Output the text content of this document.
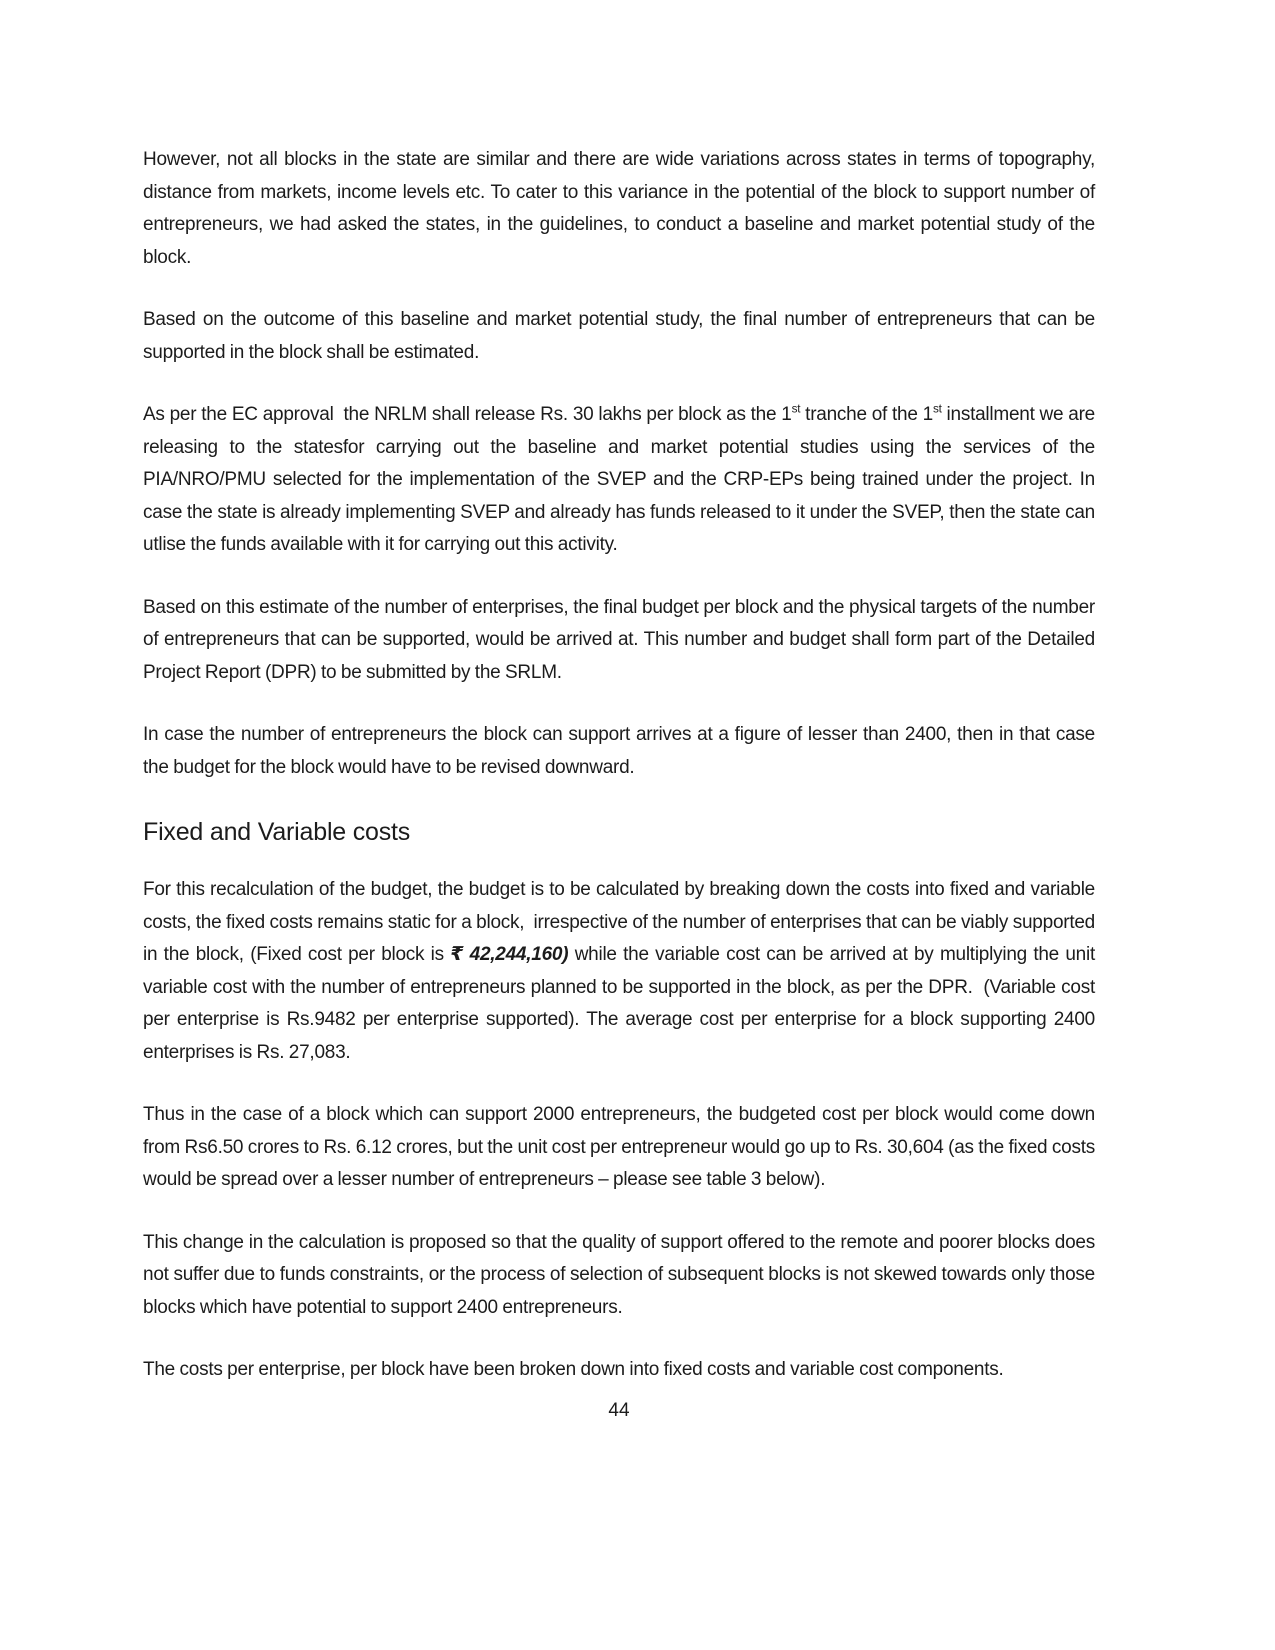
However, not all blocks in the state are similar and there are wide variations across states in terms of topography, distance from markets, income levels etc. To cater to this variance in the potential of the block to support number of entrepreneurs, we had asked the states, in the guidelines, to conduct a baseline and market potential study of the block.

Based on the outcome of this baseline and market potential study, the final number of entrepreneurs that can be supported in the block shall be estimated.

As per the EC approval  the NRLM shall release Rs. 30 lakhs per block as the 1st tranche of the 1st installment we are releasing to the statesfor carrying out the baseline and market potential studies using the services of the PIA/NRO/PMU selected for the implementation of the SVEP and the CRP-EPs being trained under the project. In case the state is already implementing SVEP and already has funds released to it under the SVEP, then the state can utlise the funds available with it for carrying out this activity.

Based on this estimate of the number of enterprises, the final budget per block and the physical targets of the number of entrepreneurs that can be supported, would be arrived at. This number and budget shall form part of the Detailed Project Report (DPR) to be submitted by the SRLM.

In case the number of entrepreneurs the block can support arrives at a figure of lesser than 2400, then in that case the budget for the block would have to be revised downward.

Fixed and Variable costs

For this recalculation of the budget, the budget is to be calculated by breaking down the costs into fixed and variable costs, the fixed costs remains static for a block,  irrespective of the number of enterprises that can be viably supported in the block, (Fixed cost per block is ₹ 42,244,160) while the variable cost can be arrived at by multiplying the unit variable cost with the number of entrepreneurs planned to be supported in the block, as per the DPR.  (Variable cost per enterprise is Rs.9482 per enterprise supported). The average cost per enterprise for a block supporting 2400 enterprises is Rs. 27,083.

Thus in the case of a block which can support 2000 entrepreneurs, the budgeted cost per block would come down from Rs6.50 crores to Rs. 6.12 crores, but the unit cost per entrepreneur would go up to Rs. 30,604 (as the fixed costs would be spread over a lesser number of entrepreneurs – please see table 3 below).

This change in the calculation is proposed so that the quality of support offered to the remote and poorer blocks does not suffer due to funds constraints, or the process of selection of subsequent blocks is not skewed towards only those blocks which have potential to support 2400 entrepreneurs.

The costs per enterprise, per block have been broken down into fixed costs and variable cost components.

44
